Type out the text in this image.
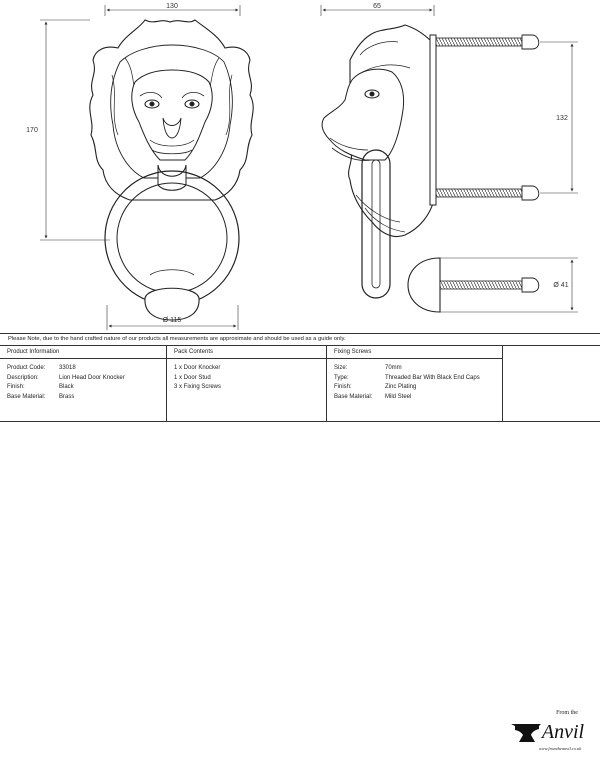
130
170
Ø 115
65
132
Ø 41
Please Note, due to the hand crafted nature of our products all measurements are approximate and should be used as a guide only.
Product Information
Product Code: 33018
Description:	Lion Head Door Knocker
Finish:	Black
Base Material: Brass
Pack Contents
1 x Door Knocker
1 x Door Stud
3 x Fixing Screws
Fixing Screws
Size:	70mm
Type:	Threaded Bar With Black End Caps
Finish:	Zinc Plating
Base Material: Mild Steel
From the
Anvil
www.fromtheanvil.co.uk
